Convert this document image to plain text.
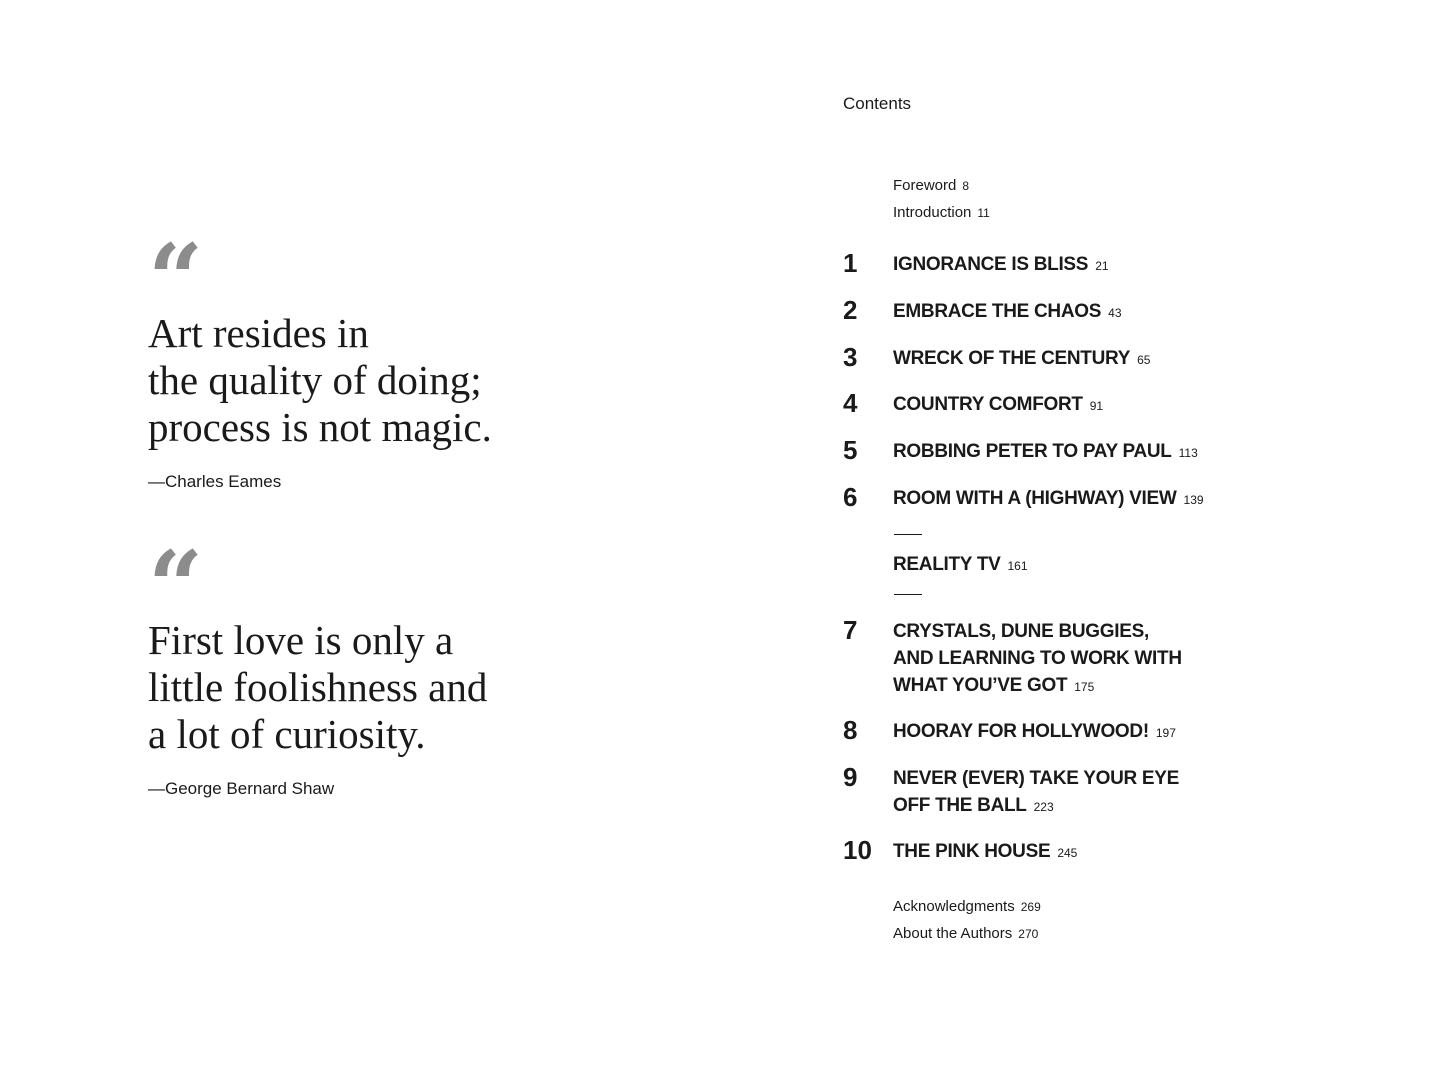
“
Art resides in
the quality of doing;
process is not magic.
—Charles Eames
“
First love is only a
little foolishness and
a lot of curiosity.
—George Bernard Shaw
Contents
Foreword 8
Introduction 11
1	IGNORANCE IS BLISS 21
2	EMBRACE THE CHAOS 43
3	WRECK OF THE CENTURY 65
4	COUNTRY COMFORT 91
5	ROBBING PETER TO PAY PAUL 113
6	ROOM WITH A (HIGHWAY) VIEW 139
REALITY TV 161
7	CRYSTALS, DUNE BUGGIES,
AND LEARNING TO WORK WITH
WHAT YOU’VE GOT 175
8	HOORAY FOR HOLLYWOOD! 197
9	NEVER (EVER) TAKE YOUR EYE
OFF THE BALL 223
10	THE PINK HOUSE 245
Acknowledgments 269
About the Authors 270
